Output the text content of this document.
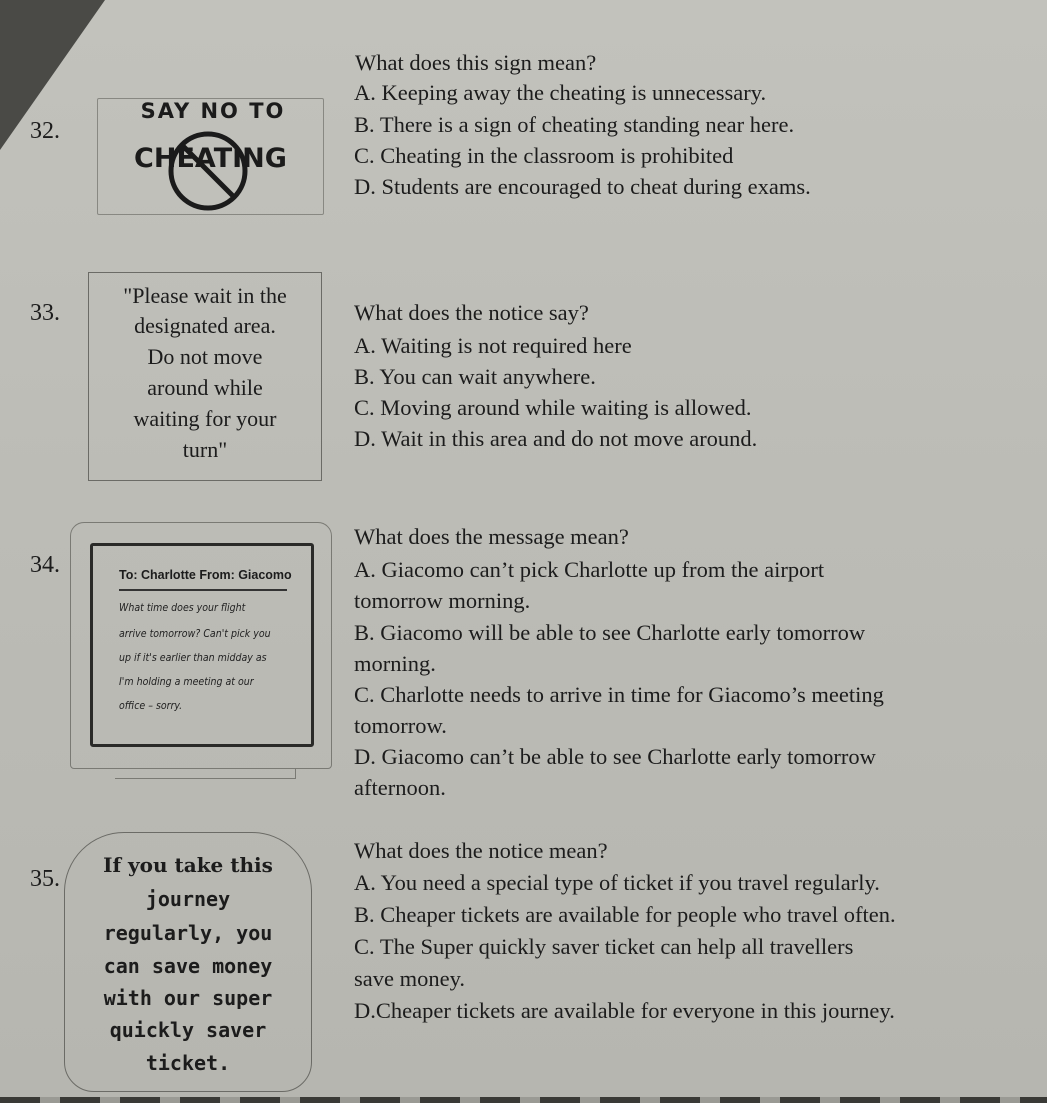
32.
SAY NO TO
CHEATING
What does this sign mean?
A. Keeping away the cheating is unnecessary.
B. There is a sign of cheating standing near here.
C. Cheating in the classroom is prohibited
D. Students are encouraged to cheat during exams.
33.
"Please wait in the
designated area.
Do not move
around while
waiting for your
turn"
What does the notice say?
A. Waiting is not required here
B. You can wait anywhere.
C. Moving around while waiting is allowed.
D. Wait in this area and do not move around.
34.	To: Charlotte From: Giacomo
What time does your flight
arrive tomorrow? Can't pick you
up if it's earlier than midday as
I'm holding a meeting at our
office – sorry.
What does the message mean?
A. Giacomo can’t pick Charlotte up from the airport
tomorrow morning.
B. Giacomo will be able to see Charlotte early tomorrow
morning.
C. Charlotte needs to arrive in time for Giacomo’s meeting
tomorrow.
D. Giacomo can’t be able to see Charlotte early tomorrow
afternoon.
35.
If you take this
journey
regularly, you
can save money
with our super
quickly saver
ticket.
What does the notice mean?
A. You need a special type of ticket if you travel regularly.
B. Cheaper tickets are available for people who travel often.
C. The Super quickly saver ticket can help all travellers
save money.
D.Cheaper tickets are available for everyone in this journey.
